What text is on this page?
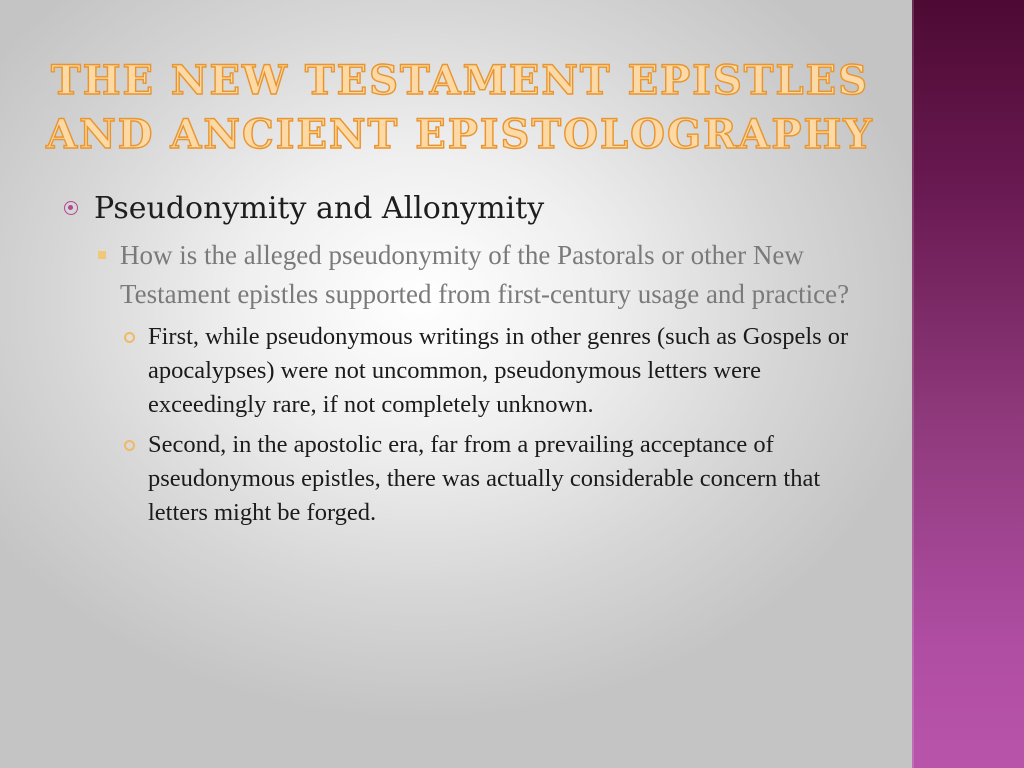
THE NEW TESTAMENT EPISTLES
AND ANCIENT EPISTOLOGRAPHY
Pseudonymity and Allonymity
How is the alleged pseudonymity of the Pastorals or other New Testament epistles supported from first-century usage and practice?
First, while pseudonymous writings in other genres (such as Gospels or apocalypses) were not uncommon, pseudonymous letters were exceedingly rare, if not completely unknown.
Second, in the apostolic era, far from a prevailing acceptance of pseudonymous epistles, there was actually considerable concern that letters might be forged.
